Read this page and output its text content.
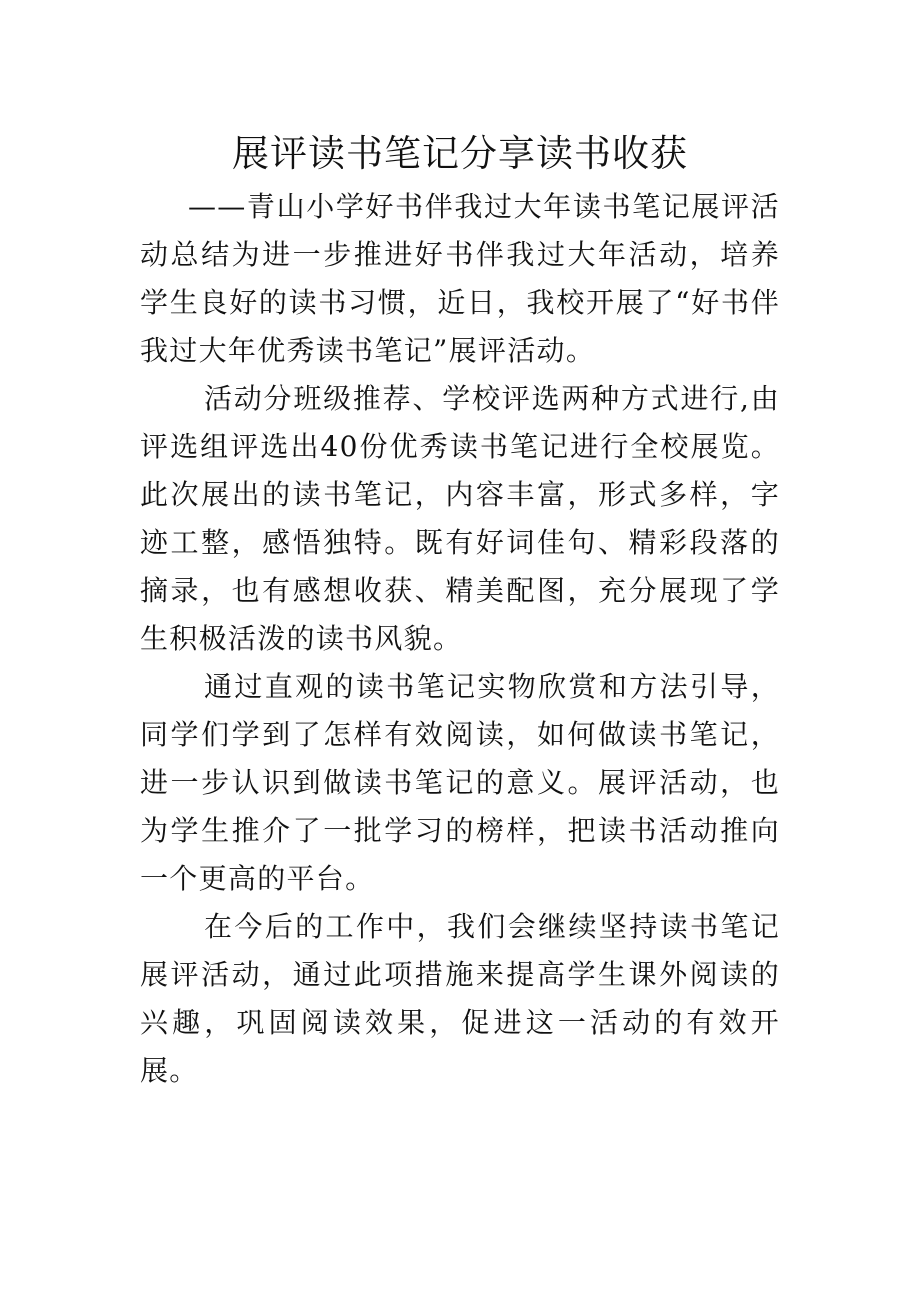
展评读书笔记分享读书收获

——青山小学好书伴我过大年读书笔记展评活动总结为进一步推进好书伴我过大年活动，培养学生良好的读书习惯，近日，我校开展了“好书伴我过大年优秀读书笔记”展评活动。

活动分班级推荐、学校评选两种方式进行,由评选组评选出40份优秀读书笔记进行全校展览。此次展出的读书笔记，内容丰富，形式多样，字迹工整，感悟独特。既有好词佳句、精彩段落的摘录，也有感想收获、精美配图，充分展现了学生积极活泼的读书风貌。

通过直观的读书笔记实物欣赏和方法引导，同学们学到了怎样有效阅读，如何做读书笔记，进一步认识到做读书笔记的意义。展评活动，也为学生推介了一批学习的榜样，把读书活动推向一个更高的平台。

在今后的工作中，我们会继续坚持读书笔记展评活动，通过此项措施来提高学生课外阅读的兴趣，巩固阅读效果，促进这一活动的有效开展。
